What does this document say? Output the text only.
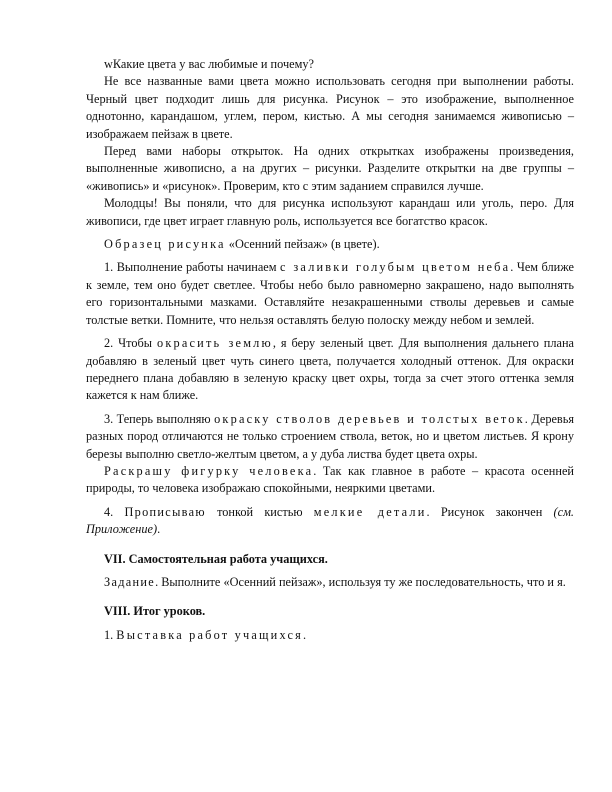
wКакие цвета у вас любимые и почему?

Не все названные вами цвета можно использовать сегодня при выполнении работы. Черный цвет подходит лишь для рисунка. Рисунок – это изображение, выполненное однотонно, карандашом, углем, пером, кистью. А мы сегодня занимаемся живописью – изображаем пейзаж в цвете.

Перед вами наборы открыток. На одних открытках изображены произведения, выполненные живописно, а на других – рисунки. Разделите открытки на две группы – «живопись» и «рисунок». Проверим, кто с этим заданием справился лучше.

Молодцы! Вы поняли, что для рисунка используют карандаш или уголь, перо. Для живописи, где цвет играет главную роль, используется все богатство красок.

Образец рисунка «Осенний пейзаж» (в цвете).

1. Выполнение работы начинаем с заливки голубым цветом неба. Чем ближе к земле, тем оно будет светлее. Чтобы небо было равномерно закрашено, надо выполнять его горизонтальными мазками. Оставляйте незакрашенными стволы деревьев и самые толстые ветки. Помните, что нельзя оставлять белую полоску между небом и землей.

2. Чтобы окрасить землю, я беру зеленый цвет. Для выполнения дальнего плана добавляю в зеленый цвет чуть синего цвета, получается холодный оттенок. Для окраски переднего плана добавляю в зеленую краску цвет охры, тогда за счет этого оттенка земля кажется к нам ближе.

3. Теперь выполняю окраску стволов деревьев и толстых веток. Деревья разных пород отличаются не только строением ствола, веток, но и цветом листьев. Я крону березы выполню светло-желтым цветом, а у дуба листва будет цвета охры.

Раскрашу фигурку человека. Так как главное в работе – красота осенней природы, то человека изображаю спокойными, неяркими цветами.

4. Прописываю тонкой кистью мелкие детали. Рисунок закончен (см. Приложение).

VII. Самостоятельная работа учащихся.

Задание. Выполните «Осенний пейзаж», используя ту же последовательность, что и я.

VIII. Итог уроков.

1. Выставка работ учащихся.
